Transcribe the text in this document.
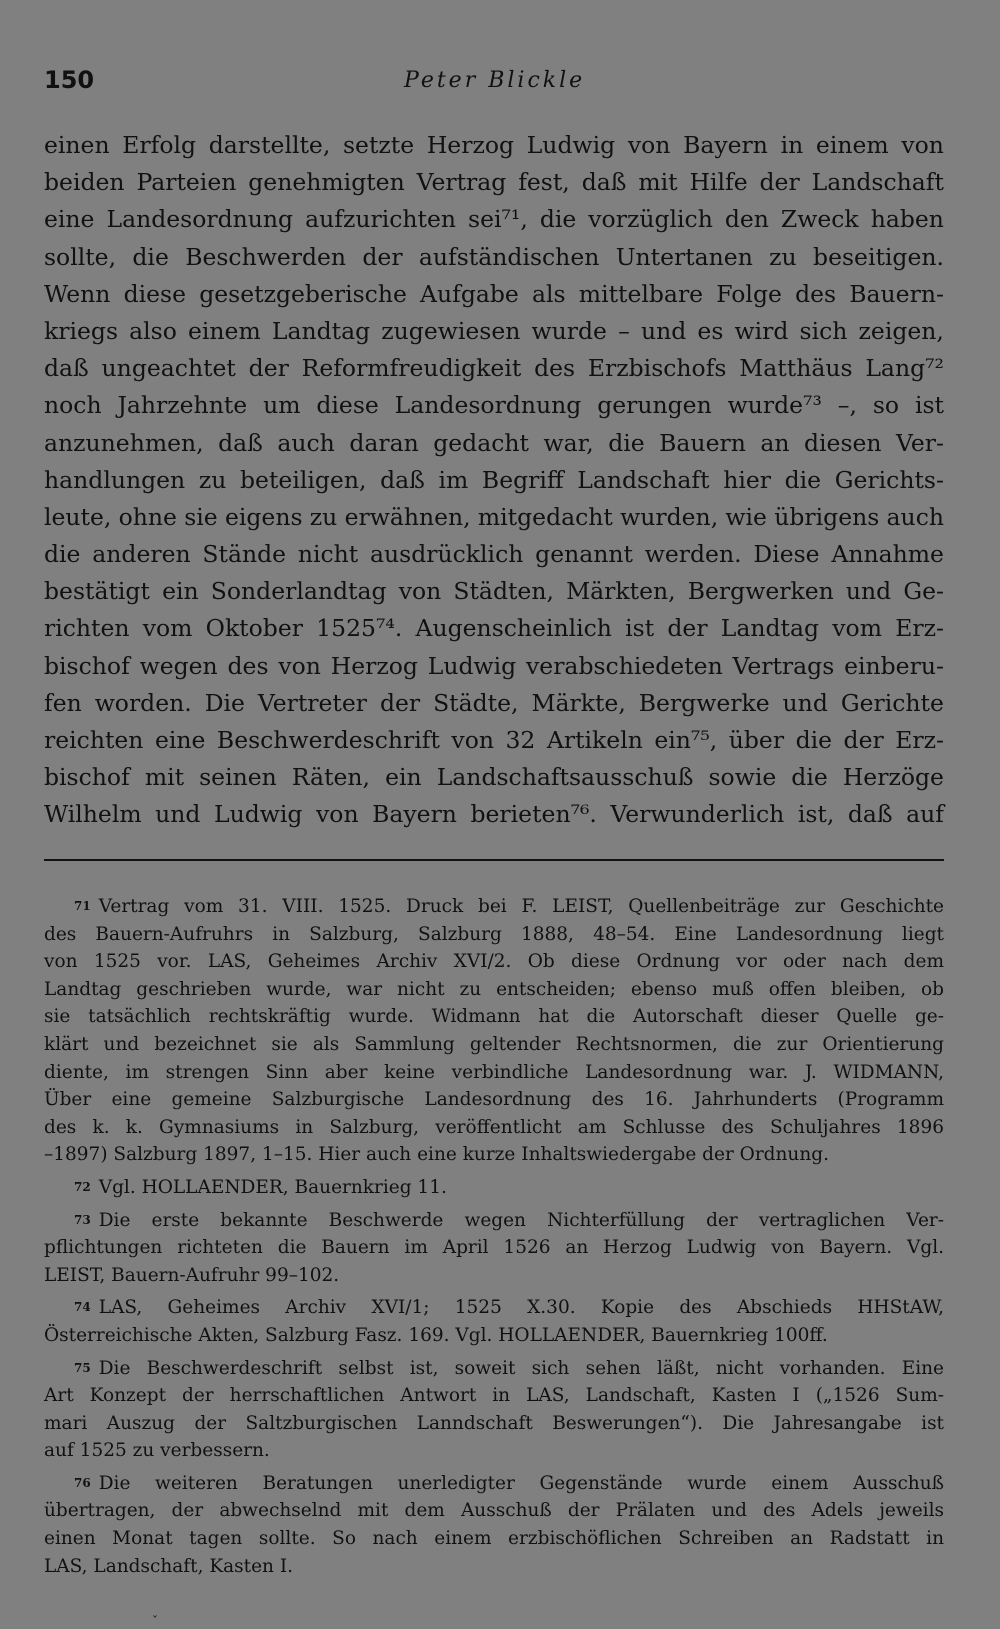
150	Peter Blickle
einen Erfolg darstellte, setzte Herzog Ludwig von Bayern in einem von
beiden Parteien genehmigten Vertrag fest, daß mit Hilfe der Landschaft
eine Landesordnung aufzurichten sei⁷¹, die vorzüglich den Zweck haben
sollte, die Beschwerden der aufständischen Untertanen zu beseitigen.
Wenn diese gesetzgeberische Aufgabe als mittelbare Folge des Bauern-
kriegs also einem Landtag zugewiesen wurde – und es wird sich zeigen,
daß ungeachtet der Reformfreudigkeit des Erzbischofs Matthäus Lang⁷²
noch Jahrzehnte um diese Landesordnung gerungen wurde⁷³ –, so ist
anzunehmen, daß auch daran gedacht war, die Bauern an diesen Ver-
handlungen zu beteiligen, daß im Begriff Landschaft hier die Gerichts-
leute, ohne sie eigens zu erwähnen, mitgedacht wurden, wie übrigens auch
die anderen Stände nicht ausdrücklich genannt werden. Diese Annahme
bestätigt ein Sonderlandtag von Städten, Märkten, Bergwerken und Ge-
richten vom Oktober 1525⁷⁴. Augenscheinlich ist der Landtag vom Erz-
bischof wegen des von Herzog Ludwig verabschiedeten Vertrags einberu-
fen worden. Die Vertreter der Städte, Märkte, Bergwerke und Gerichte
reichten eine Beschwerdeschrift von 32 Artikeln ein⁷⁵, über die der Erz-
bischof mit seinen Räten, ein Landschaftsausschuß sowie die Herzöge
Wilhelm und Ludwig von Bayern berieten⁷⁶. Verwunderlich ist, daß auf
71 Vertrag vom 31. VIII. 1525. Druck bei F. LEIST, Quellenbeiträge zur Geschichte
des Bauern-Aufruhrs in Salzburg, Salzburg 1888, 48–54. Eine Landesordnung liegt
von 1525 vor. LAS, Geheimes Archiv XVI/2. Ob diese Ordnung vor oder nach dem
Landtag geschrieben wurde, war nicht zu entscheiden; ebenso muß offen bleiben, ob
sie tatsächlich rechtskräftig wurde. Widmann hat die Autorschaft dieser Quelle ge-
klärt und bezeichnet sie als Sammlung geltender Rechtsnormen, die zur Orientierung
diente, im strengen Sinn aber keine verbindliche Landesordnung war. J. WIDMANN,
Über eine gemeine Salzburgische Landesordnung des 16. Jahrhunderts (Programm
des k. k. Gymnasiums in Salzburg, veröffentlicht am Schlusse des Schuljahres 1896
–1897) Salzburg 1897, 1–15. Hier auch eine kurze Inhaltswiedergabe der Ordnung.
72 Vgl. HOLLAENDER, Bauernkrieg 11.
73 Die erste bekannte Beschwerde wegen Nichterfüllung der vertraglichen Ver-
pflichtungen richteten die Bauern im April 1526 an Herzog Ludwig von Bayern. Vgl.
LEIST, Bauern-Aufruhr 99–102.
74 LAS, Geheimes Archiv XVI/1; 1525 X.30. Kopie des Abschieds HHStAW,
Österreichische Akten, Salzburg Fasz. 169. Vgl. HOLLAENDER, Bauernkrieg 100ff.
75 Die Beschwerdeschrift selbst ist, soweit sich sehen läßt, nicht vorhanden. Eine
Art Konzept der herrschaftlichen Antwort in LAS, Landschaft, Kasten I („1526 Sum-
mari Auszug der Saltzburgischen Lanndschaft Beswerungen“). Die Jahresangabe ist
auf 1525 zu verbessern.
76 Die weiteren Beratungen unerledigter Gegenstände wurde einem Ausschuß
übertragen, der abwechselnd mit dem Ausschuß der Prälaten und des Adels jeweils
einen Monat tagen sollte. So nach einem erzbischöflichen Schreiben an Radstatt in
LAS, Landschaft, Kasten I.
ˇ
